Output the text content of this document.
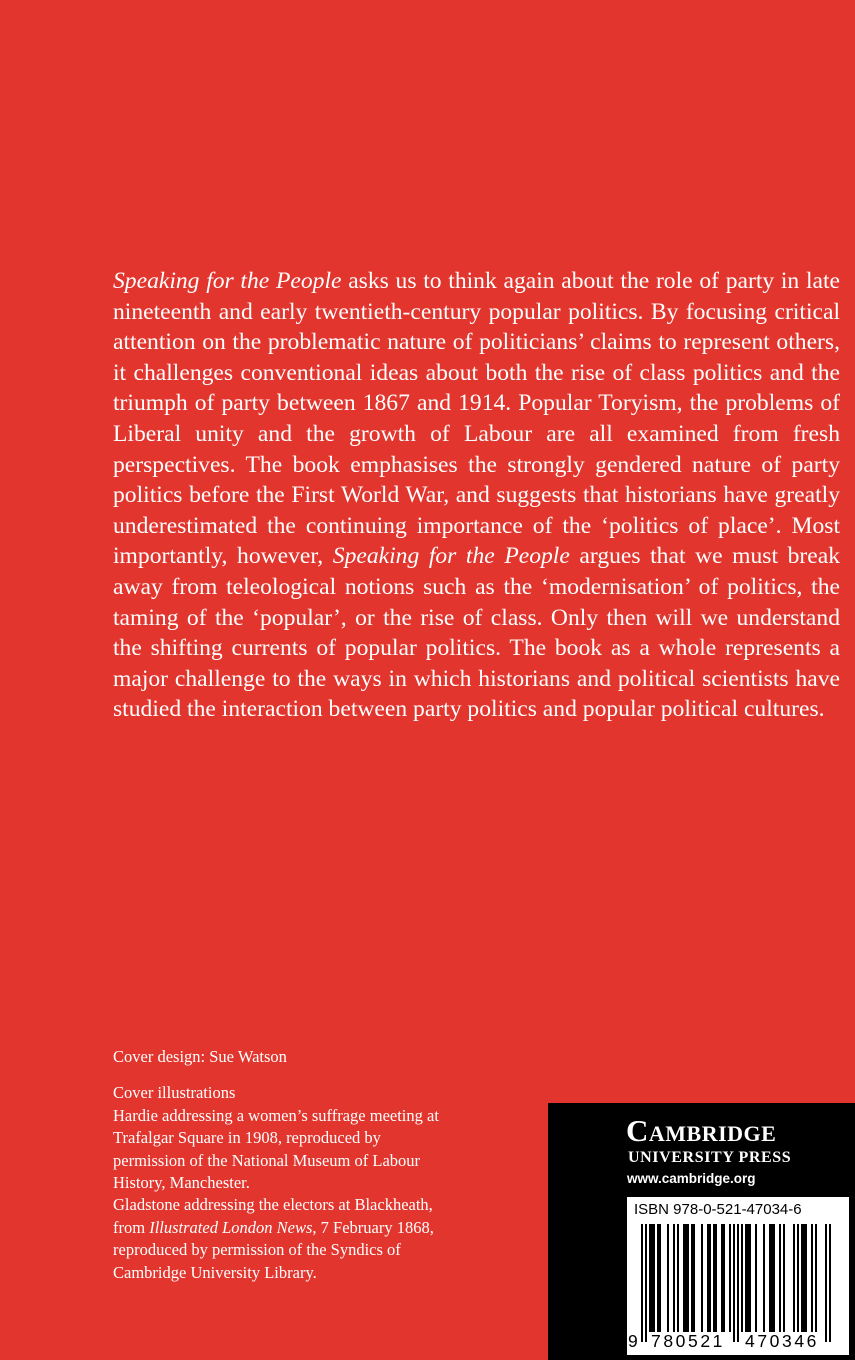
Speaking for the People asks us to think again about the role of party in late nineteenth and early twentieth-century popular politics. By focusing critical attention on the problematic nature of politicians’ claims to represent others, it challenges conventional ideas about both the rise of class politics and the triumph of party between 1867 and 1914. Popular Toryism, the problems of Liberal unity and the growth of Labour are all examined from fresh perspectives. The book emphasises the strongly gendered nature of party politics before the First World War, and suggests that historians have greatly underestimated the continuing importance of the ‘politics of place’. Most importantly, however, Speaking for the People argues that we must break away from teleological notions such as the ‘modernisation’ of politics, the taming of the ‘popular’, or the rise of class. Only then will we understand the shifting currents of popular politics. The book as a whole represents a major challenge to the ways in which historians and political scientists have studied the interaction between party politics and popular political cultures.

Cover design: Sue Watson

Cover illustrations

Hardie addressing a women’s suffrage meeting at

Trafalgar Square in 1908, reproduced by

permission of the National Museum of Labour

History, Manchester.

Gladstone addressing the electors at Blackheath,

from Illustrated London News, 7 February 1868,

reproduced by permission of the Syndics of

Cambridge University Library.

Cambridge
UNIVERSITY PRESS
www.cambridge.org
ISBN 978-0-521-47034-6
9 780521 470346
